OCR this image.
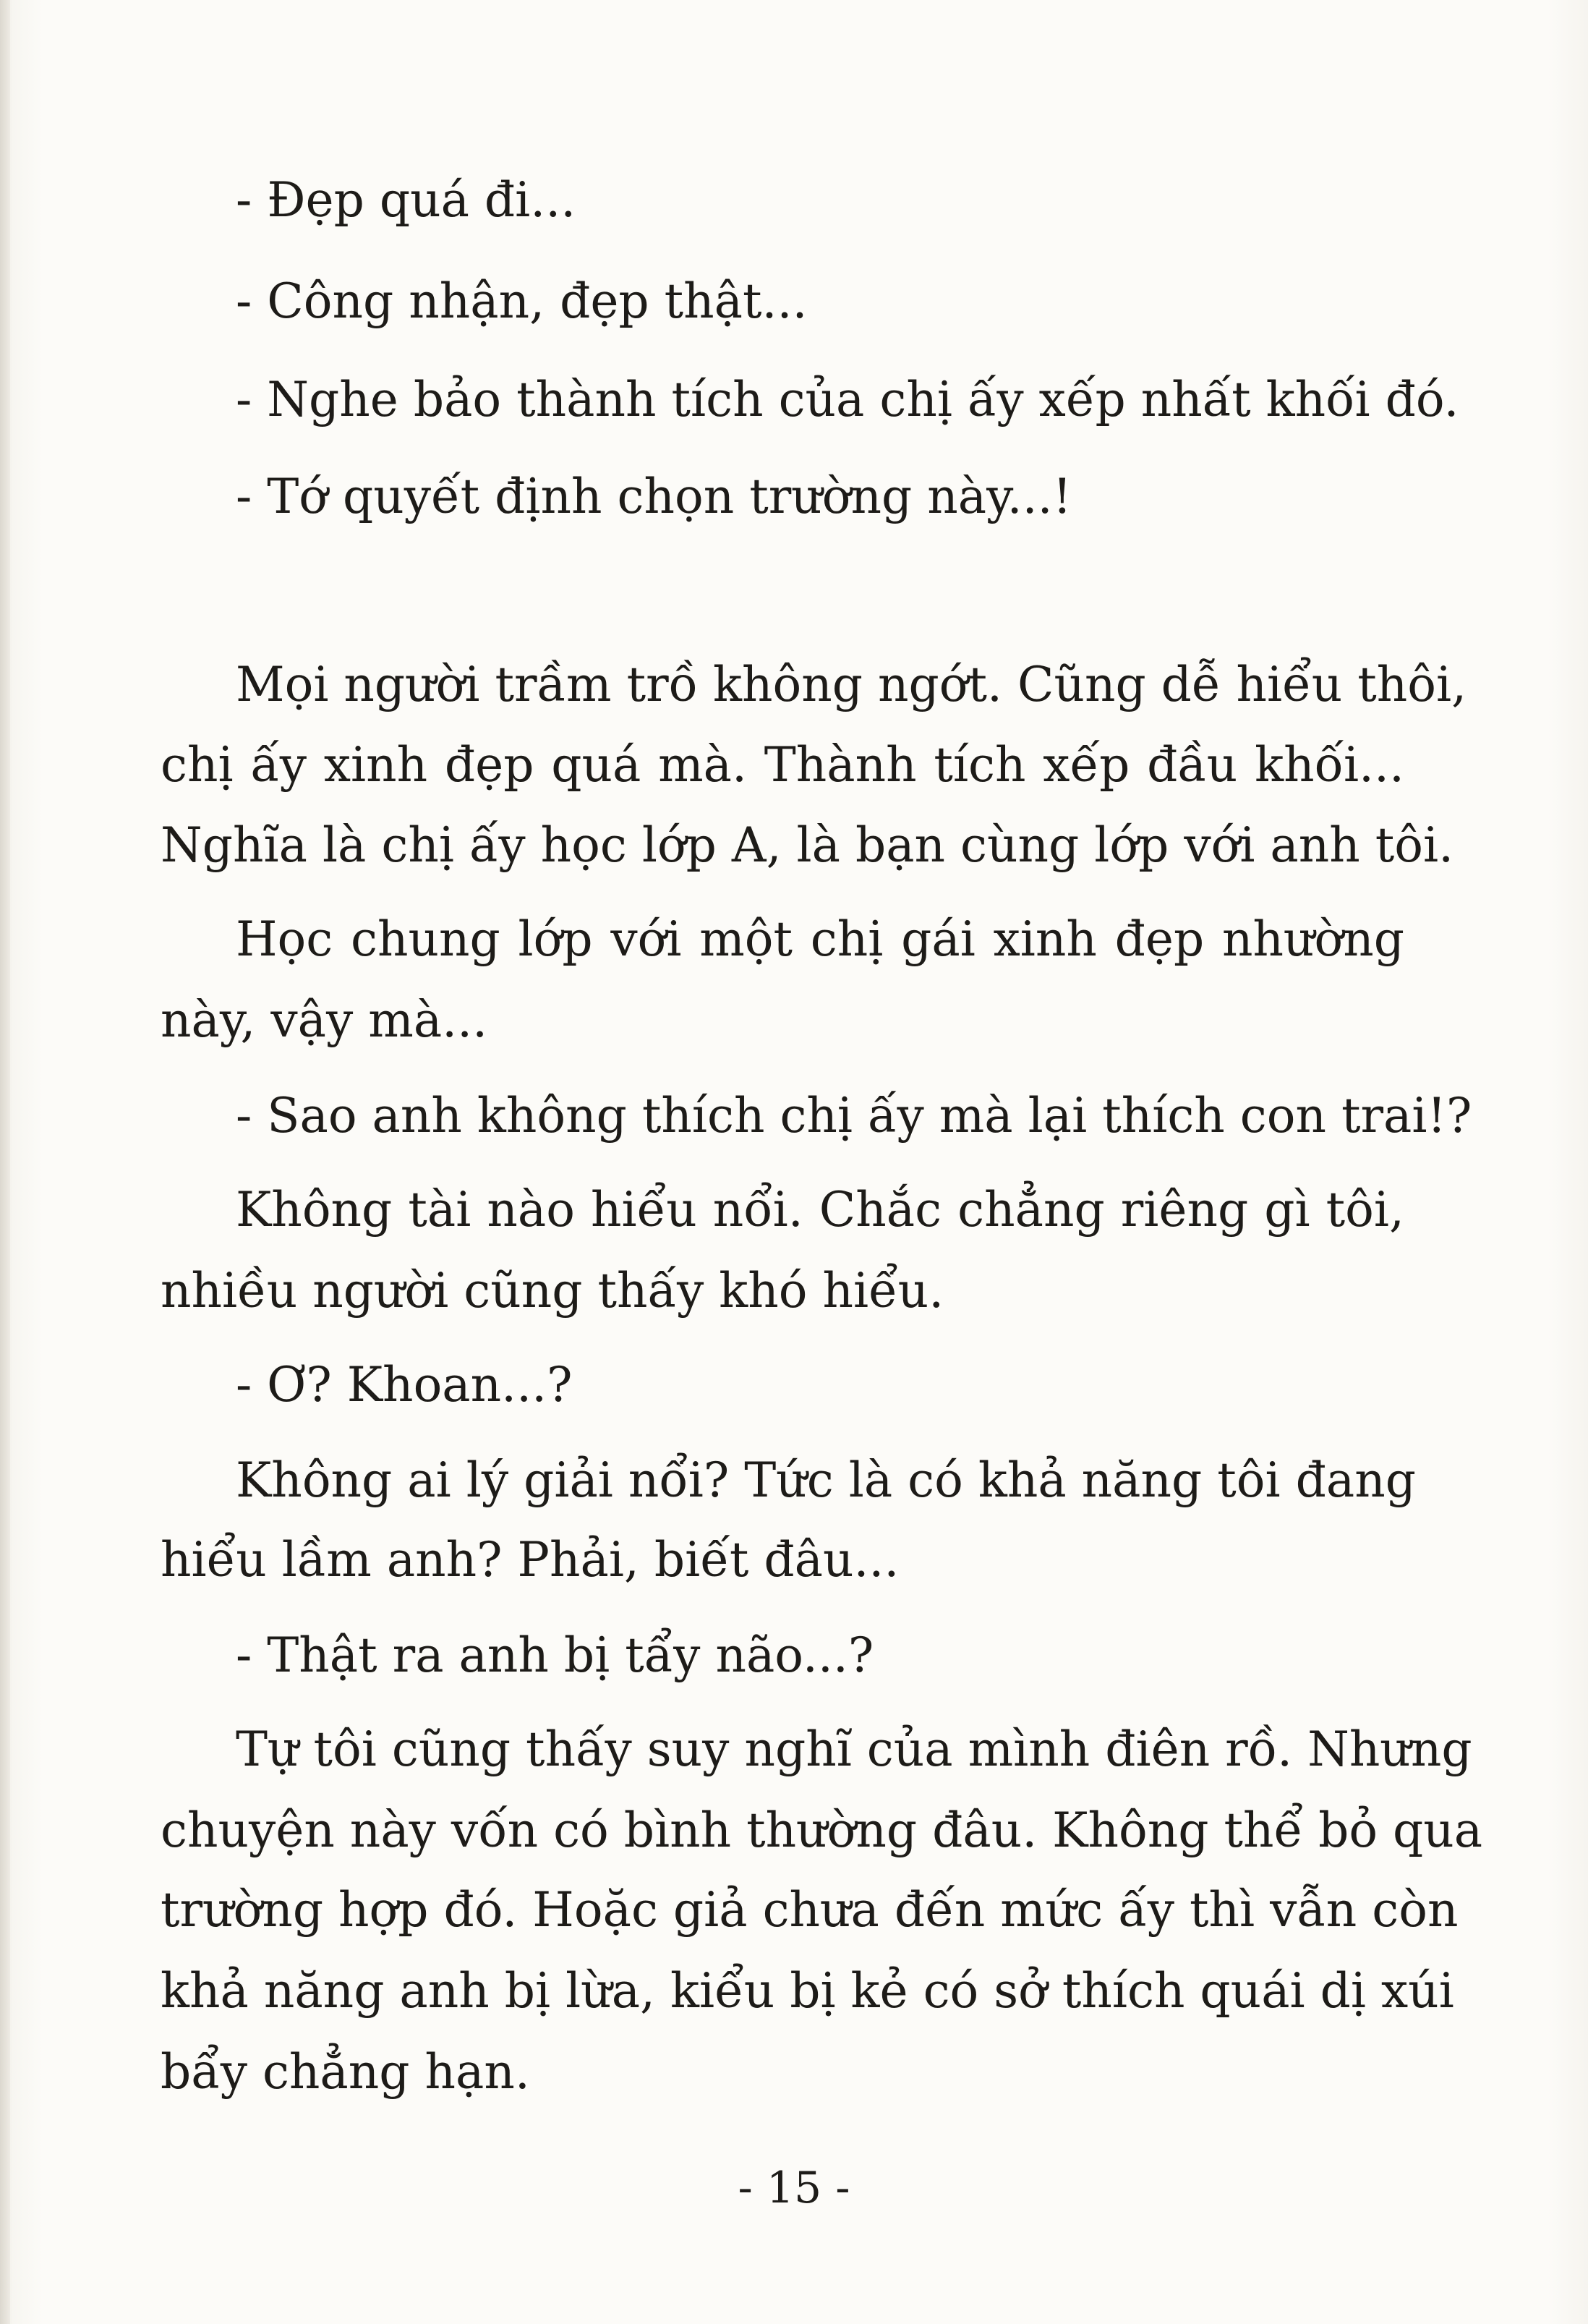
- Đẹp quá đi...
- Công nhận, đẹp thật...
- Nghe bảo thành tích của chị ấy xếp nhất khối đó.
- Tớ quyết định chọn trường này...!
Mọi người trầm trồ không ngớt. Cũng dễ hiểu thôi,
chị ấy xinh đẹp quá mà. Thành tích xếp đầu khối...
Nghĩa là chị ấy học lớp A, là bạn cùng lớp với anh tôi.
Học chung lớp với một chị gái xinh đẹp nhường
này, vậy mà...
- Sao anh không thích chị ấy mà lại thích con trai!?
Không tài nào hiểu nổi. Chắc chẳng riêng gì tôi,
nhiều người cũng thấy khó hiểu.
- Ơ? Khoan...?
Không ai lý giải nổi? Tức là có khả năng tôi đang
hiểu lầm anh? Phải, biết đâu...
- Thật ra anh bị tẩy não...?
Tự tôi cũng thấy suy nghĩ của mình điên rồ. Nhưng
chuyện này vốn có bình thường đâu. Không thể bỏ qua
trường hợp đó. Hoặc giả chưa đến mức ấy thì vẫn còn
khả năng anh bị lừa, kiểu bị kẻ có sở thích quái dị xúi
bẩy chẳng hạn.
- 15 -
